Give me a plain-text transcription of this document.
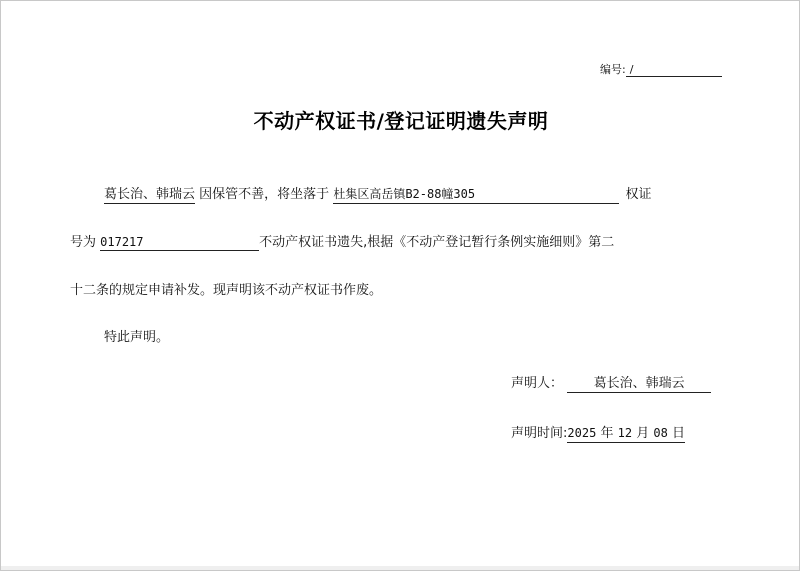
编号: /
不动产权证书/登记证明遗失声明
葛长治、韩瑞云 因保管不善，将坐落于 杜集区高岳镇B2-88幢305	权证
号为 017217	不动产权证书遗失,根据《不动产登记暂行条例实施细则》第二
十二条的规定申请补发。现声明该不动产权证书作废。
特此声明。
声明人： 葛长治、韩瑞云
声明时间:2025 年 12 月 08 日
